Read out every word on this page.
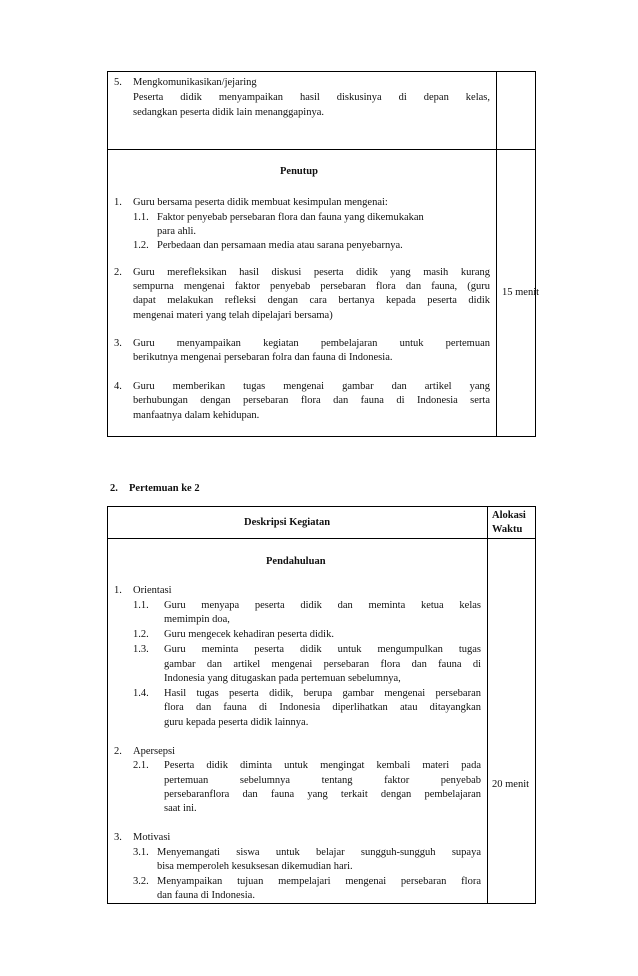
5. Mengkomunikasikan/jejaring
Peserta didik menyampaikan hasil diskusinya di depan kelas,
sedangkan peserta didik lain menanggapinya.
Penutup
1. Guru bersama peserta didik membuat kesimpulan mengenai:
1.1. Faktor penyebab persebaran flora dan fauna yang dikemukakan
para ahli.
1.2. Perbedaan dan persamaan media atau sarana penyebarnya.
2. Guru merefleksikan hasil diskusi peserta didik yang masih kurang
sempurna mengenai faktor penyebab persebaran flora dan fauna, (guru
dapat melakukan refleksi dengan cara bertanya kepada peserta didik
mengenai materi yang telah dipelajari bersama)
3. Guru menyampaikan kegiatan pembelajaran untuk pertemuan
berikutnya mengenai persebaran folra dan fauna di Indonesia.
4. Guru memberikan tugas mengenai gambar dan artikel yang
berhubungan dengan persebaran flora dan fauna di Indonesia serta
manfaatnya dalam kehidupan.
15 menit
2. Pertemuan ke 2
Deskripsi Kegiatan
Alokasi
Waktu
Pendahuluan
1. Orientasi
1.1. Guru menyapa peserta didik dan meminta ketua kelas
memimpin doa,
1.2. Guru mengecek kehadiran peserta didik.
1.3. Guru meminta peserta didik untuk mengumpulkan tugas
gambar dan artikel mengenai persebaran flora dan fauna di
Indonesia yang ditugaskan pada pertemuan sebelumnya,
1.4. Hasil tugas peserta didik, berupa gambar mengenai persebaran
flora dan fauna di Indonesia diperlihatkan atau ditayangkan
guru kepada peserta didik lainnya.
2. Apersepsi
2.1. Peserta didik diminta untuk mengingat kembali materi pada
pertemuan sebelumnya tentang faktor penyebab
persebaranflora dan fauna yang terkait dengan pembelajaran
saat ini.
3. Motivasi
3.1. Menyemangati siswa untuk belajar sungguh-sungguh supaya
bisa memperoleh kesuksesan dikemudian hari.
3.2. Menyampaikan tujuan mempelajari mengenai persebaran flora
dan fauna di Indonesia.
20 menit
